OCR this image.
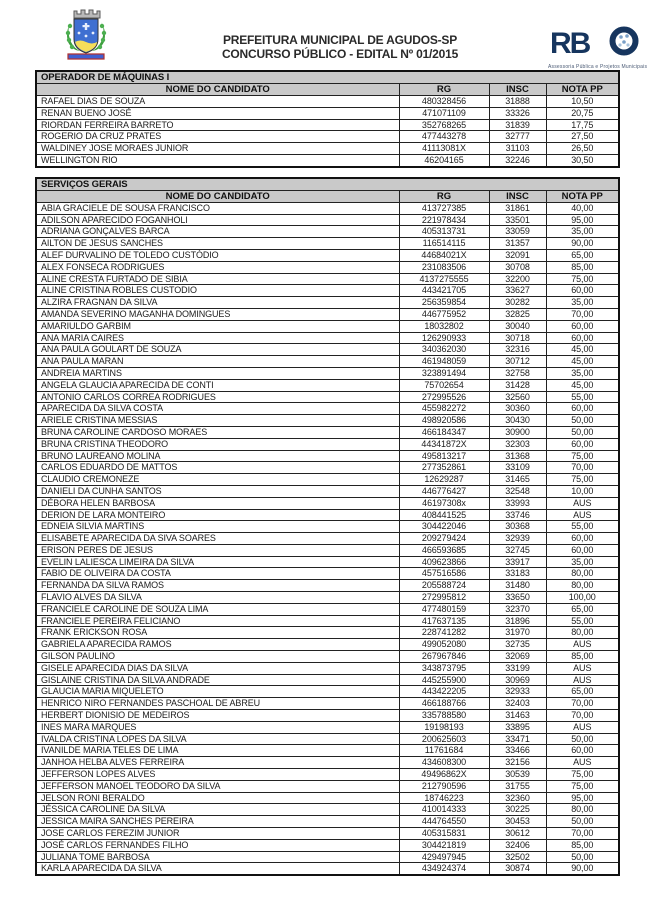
PREFEITURA MUNICIPAL DE AGUDOS-SP
CONCURSO PÚBLICO - EDITAL Nº 01/2015	RB
Assessoria Pública e Projetos Municipais
OPERADOR DE MÁQUINAS I			
NOME DO CANDIDATO	RG	INSC	NOTA PP
RAFAEL DIAS DE SOUZA	480328456	31888	10,50
RENAN BUENO JOSÉ	471071109	33326	20,75
RIORDAN FERREIRA BARRETO	352768265	31839	17,75
ROGERIO DA CRUZ PRATES	477443278	32777	27,50
WALDINEY JOSE MORAES JUNIOR	41113081X	31103	26,50
WELLINGTON RIO	46204165	32246	30,50
SERVIÇOS GERAIS			
NOME DO CANDIDATO	RG	INSC	NOTA PP
ABIA GRACIELE DE SOUSA FRANCISCO	413727385	31861	40,00
ADILSON APARECIDO FOGANHOLI	221978434	33501	95,00
ADRIANA GONÇALVES BARCA	405313731	33059	35,00
AILTON DE JESUS SANCHES	116514115	31357	90,00
ALEF DURVALINO DE TOLEDO CUSTÓDIO	44684021X	32091	65,00
ALEX FONSECA RODRIGUES	231083506	30708	85,00
ALINE CRESTA FURTADO DE SIBIA	4137275555	32200	75,00
ALINE CRISTINA ROBLES CUSTODIO	443421705	33627	60,00
ALZIRA FRAGNAN DA SILVA	256359854	30282	35,00
AMANDA SEVERINO MAGANHA DOMINGUES	446775952	32825	70,00
AMARIULDO GARBIM	18032802	30040	60,00
ANA MARIA CAIRES	126290933	30718	60,00
ANA PAULA GOULART DE SOUZA	340362030	32316	45,00
ANA PAULA MARAN	461948059	30712	45,00
ANDREIA MARTINS	323891494	32758	35,00
ANGELA GLAUCIA APARECIDA DE CONTI	75702654	31428	45,00
ANTONIO CARLOS CORREA RODRIGUES	272995526	32560	55,00
APARECIDA DA SILVA COSTA	455982272	30360	60,00
ARIELE CRISTINA MESSIAS	498920586	30430	50,00
BRUNA CAROLINE CARDOSO MORAES	466184347	30900	50,00
BRUNA CRISTINA THEODORO	44341872X	32303	60,00
BRUNO LAUREANO MOLINA	495813217	31368	75,00
CARLOS EDUARDO DE MATTOS	277352861	33109	70,00
CLAUDIO CREMONEZE	12629287	31465	75,00
DANIELI DA CUNHA SANTOS	446776427	32548	10,00
DÉBORA HELEN BARBOSA	46197308x	33993	AUS
DERION DE LARA MONTEIRO	408441525	33746	AUS
EDNEIA SILVIA MARTINS	304422046	30368	55,00
ELISABETE APARECIDA DA SIVA SOARES	209279424	32939	60,00
ERISON PERES DE JESUS	466593685	32745	60,00
EVELIN LALIESCA LIMEIRA DA SILVA	409623866	33917	35,00
FABIO DE OLIVEIRA DA COSTA	457516586	33183	80,00
FERNANDA DA SILVA RAMOS	205588724	31480	80,00
FLAVIO ALVES DA SILVA	272995812	33650	100,00
FRANCIELE CAROLINE DE SOUZA LIMA	477480159	32370	65,00
FRANCIELE PEREIRA FELICIANO	417637135	31896	55,00
FRANK ERICKSON ROSA	228741282	31970	80,00
GABRIELA APARECIDA RAMOS	499052080	32735	AUS
GILSON PAULINO	267967846	32069	85,00
GISELE APARECIDA DIAS DA SILVA	343873795	33199	AUS
GISLAINE CRISTINA DA SILVA ANDRADE	445255900	30969	AUS
GLAUCIA MARIA MIQUELETO	443422205	32933	65,00
HENRICO NIRO FERNANDES PASCHOAL DE ABREU	466188766	32403	70,00
HERBERT DIONISIO DE MEDEIROS	335788580	31463	70,00
INES MARA MARQUES	19198193	33895	AUS
IVALDA CRISTINA LOPES DA SILVA	200625603	33471	50,00
IVANILDE MARIA TELES DE LIMA	11761684	33466	60,00
JANHOA HELBA ALVES FERREIRA	434608300	32156	AUS
JEFFERSON LOPES ALVES	49496862X	30539	75,00
JEFFERSON MANOEL TEODORO DA SILVA	212790596	31755	75,00
JELSON RONI BERALDO	18746223	32360	95,00
JÉSSICA CAROLINE DA SILVA	410014333	30225	80,00
JESSICA MAIRA SANCHES PEREIRA	444764550	30453	50,00
JOSE CARLOS FEREZIM JUNIOR	405315831	30612	70,00
JOSÉ CARLOS FERNANDES FILHO	304421819	32406	85,00
JULIANA TOME BARBOSA	429497945	32502	50,00
KARLA APARECIDA DA SILVA	434924374	30874	90,00
